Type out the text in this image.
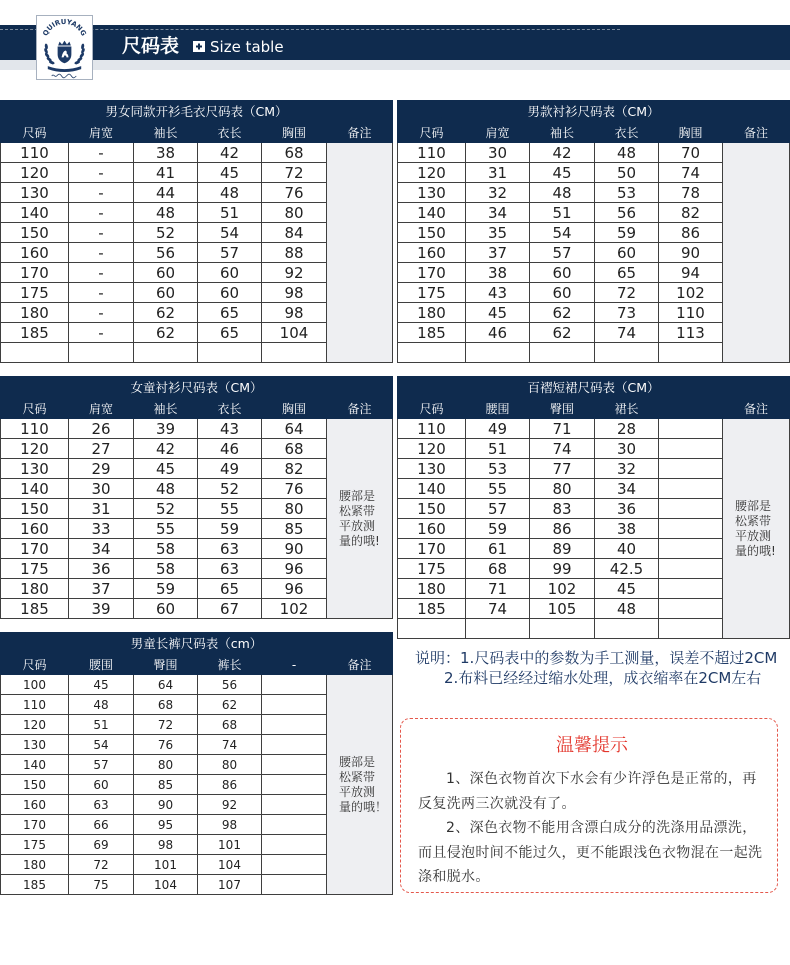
QUIRUYANG
尺码表 Size table
男女同款开衫毛衣尺码表（CM）					
尺码	肩宽	袖长	衣长	胸围	备注
110	-	38	42	68	
120	-	41	45	72	
130	-	44	48	76	
140	-	48	51	80	
150	-	52	54	84	
160	-	56	57	88	
170	-	60	60	92	
175	-	60	60	98	
180	-	62	65	98	
185	-	62	65	104	

男款衬衫尺码表（CM）					
尺码	肩宽	袖长	衣长	胸围	备注
110	30	42	48	70	
120	31	45	50	74	
130	32	48	53	78	
140	34	51	56	82	
150	35	54	59	86	
160	37	57	60	90	
170	38	60	65	94	
175	43	60	72	102	
180	45	62	73	110	
185	46	62	74	113	

女童衬衫尺码表（CM）					
尺码	肩宽	袖长	衣长	胸围	备注
110	26	39	43	64	腰部是
松紧带
平放测
量的哦!

120	27	42	46	68	
130	29	45	49	82	
140	30	48	52	76	
150	31	52	55	80	
160	33	55	59	85	
170	34	58	63	90	
175	36	58	63	96	
180	37	59	65	96	
185	39	60	67	102	
百褶短裙尺码表（CM）					
尺码	腰围	臀围	裙长		备注
110	49	71	28		腰部是
松紧带
平放测
量的哦!

120	51	74	30		
130	53	77	32		
140	55	80	34		
150	57	83	36		
160	59	86	38		
170	61	89	40		
175	68	99	42.5		
180	71	102	45		
185	74	105	48		

男童长裤尺码表（cm）					
尺码	腰围	臀围	裤长	-	备注
100	45	64	56		腰部是
松紧带
平放测
量的哦！

110	48	68	62		
120	51	72	68		
130	54	76	74		
140	57	80	80		
150	60	85	86		
160	63	90	92		
170	66	95	98		
175	69	98	101		
180	72	101	104		
185	75	104	107		
说明：1.尺码表中的参数为手工测量，误差不超过2CM
2.布料已经经过缩水处理，成衣缩率在2CM左右
温馨提示

1、深色衣物首次下水会有少许浮色是正常的，再反复洗两三次就没有了。

2、深色衣物不能用含漂白成分的洗涤用品漂洗，而且侵泡时间不能过久，更不能跟浅色衣物混在一起洗涤和脱水。
